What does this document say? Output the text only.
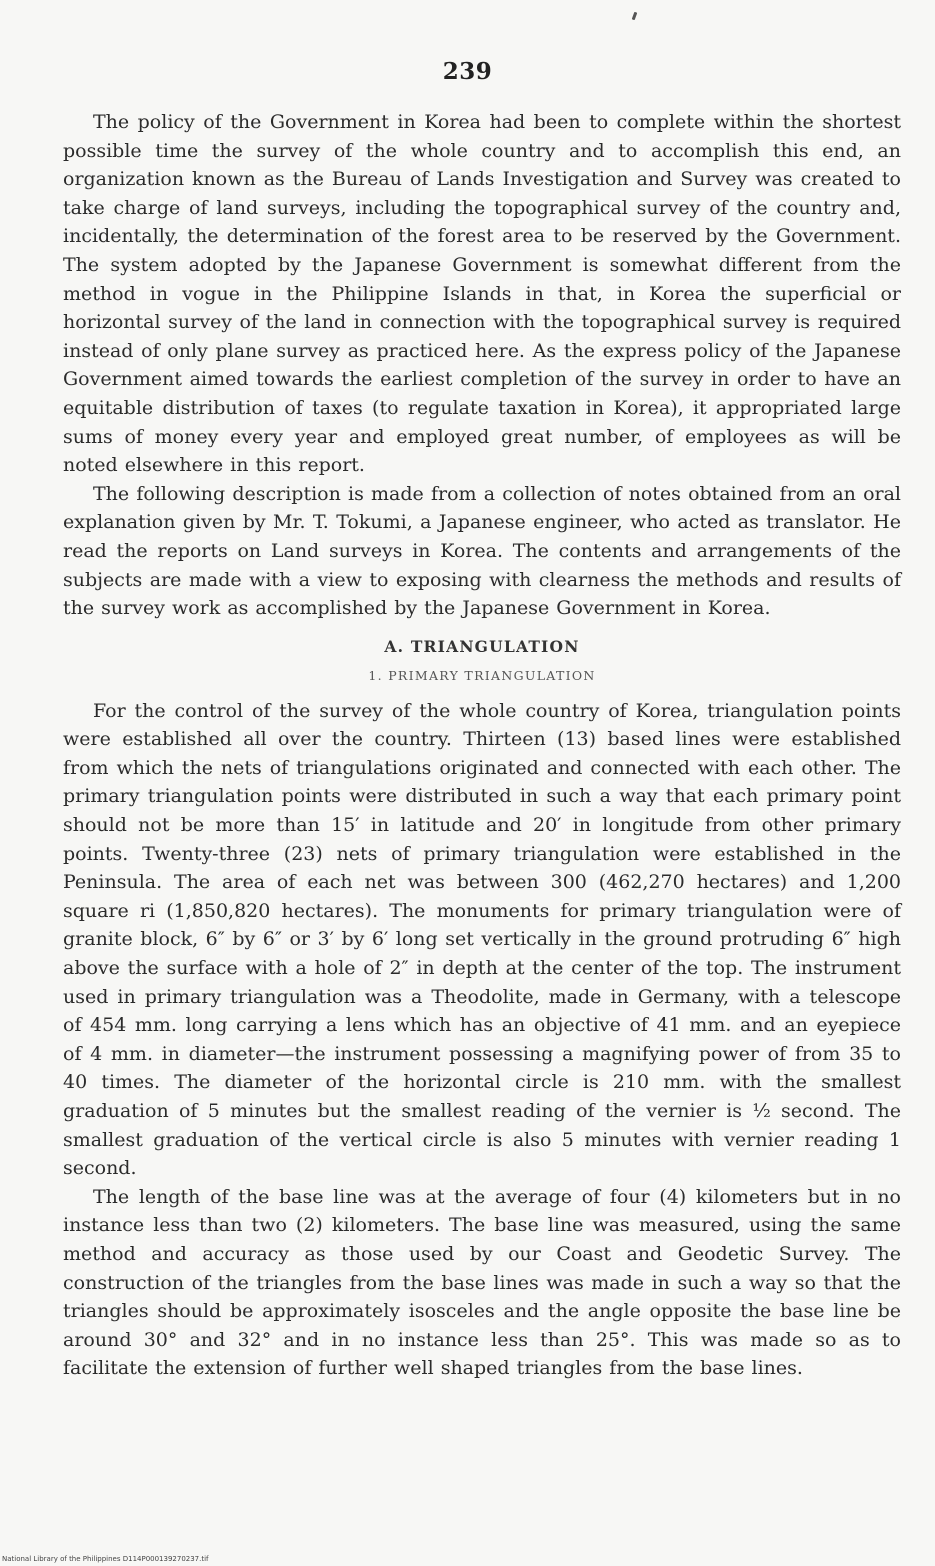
239

The policy of the Government in Korea had been to complete within the shortest possible time the survey of the whole country and to accomplish this end, an organization known as the Bureau of Lands Investigation and Survey was created to take charge of land surveys, including the topographical survey of the country and, incidentally, the determination of the forest area to be reserved by the Government. The system adopted by the Japanese Government is somewhat different from the method in vogue in the Philippine Islands in that, in Korea the superficial or horizontal survey of the land in connection with the topographical survey is required instead of only plane survey as practiced here. As the express policy of the Japanese Government aimed towards the earliest completion of the survey in order to have an equitable distribution of taxes (to regulate taxation in Korea), it appropriated large sums of money every year and employed great number, of employees as will be noted elsewhere in this report.

The following description is made from a collection of notes obtained from an oral explanation given by Mr. T. Tokumi, a Japanese engineer, who acted as translator. He read the reports on Land surveys in Korea. The contents and arrangements of the subjects are made with a view to exposing with clearness the methods and results of the survey work as accomplished by the Japanese Government in Korea.

A. TRIANGULATION
1. PRIMARY TRIANGULATION

For the control of the survey of the whole country of Korea, triangulation points were established all over the country. Thirteen (13) based lines were established from which the nets of triangulations originated and connected with each other. The primary triangulation points were distributed in such a way that each primary point should not be more than 15′ in latitude and 20′ in longitude from other primary points. Twenty-three (23) nets of primary triangulation were established in the Peninsula. The area of each net was between 300 (462,270 hectares) and 1,200 square ri (1,850,820 hectares). The monuments for primary triangulation were of granite block, 6″ by 6″ or 3′ by 6′ long set vertically in the ground protruding 6″ high above the surface with a hole of 2″ in depth at the center of the top. The instrument used in primary triangulation was a Theodolite, made in Germany, with a telescope of 454 mm. long carrying a lens which has an objective of 41 mm. and an eyepiece of 4 mm. in diameter—the instrument possessing a magnifying power of from 35 to 40 times. The diameter of the horizontal circle is 210 mm. with the smallest graduation of 5 minutes but the smallest reading of the vernier is ½ second. The smallest graduation of the vertical circle is also 5 minutes with vernier reading 1 second.

The length of the base line was at the average of four (4) kilometers but in no instance less than two (2) kilometers. The base line was measured, using the same method and accuracy as those used by our Coast and Geodetic Survey. The construction of the triangles from the base lines was made in such a way so that the triangles should be approximately isosceles and the angle opposite the base line be around 30° and 32° and in no instance less than 25°. This was made so as to facilitate the extension of further well shaped triangles from the base lines.

National Library of the Philippines D114P000139270237.tif
